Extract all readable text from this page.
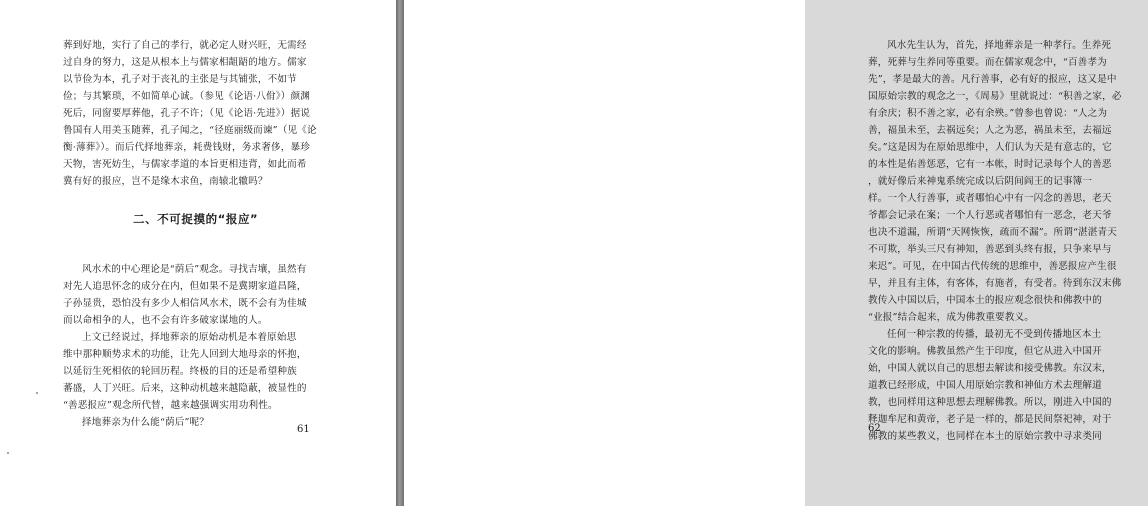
葬到好地，实行了自己的孝行，就必定人财兴旺，无需经
过自身的努力，这是从根本上与儒家相龃龉的地方。儒家
以节俭为本，孔子对于丧礼的主张是与其铺张，不如节
俭；与其繁琐，不如简单心诚。（参见《论语·八佾》）颜渊
死后，同窗要厚葬他，孔子不许；（见《论语·先进》）据说
鲁国有人用美玉随葬，孔子闻之，“径庭丽级而谏”（见《论
衡·薄葬》）。而后代择地葬亲，耗费钱财，务求奢侈，暴珍
天物，害死妨生，与儒家孝道的本旨更相违背，如此而希
冀有好的报应，岂不是缘木求鱼，南辕北辙吗？
二、不可捉摸的“报应”
风水术的中心理论是“荫后”观念。寻找吉壤，虽然有
对先人追思怀念的成分在内，但如果不是冀期家道昌隆，
子孙显贵，恐怕没有多少人相信风水术，既不会有为佳城
而以命相争的人，也不会有许多破家谋地的人。
上文已经说过，择地葬亲的原始动机是本着原始思
维中那种顺势求术的功能，让先人回到大地母亲的怀抱，
以延衍生死相依的轮回历程。终极的目的还是希望种族
蕃盛，人丁兴旺。后来，这种动机越来越隐蔽，被显性的
“善恶报应”观念所代替，越来越强调实用功利性。
择地葬亲为什么能“荫后”呢？
61
风水先生认为，首先，择地葬亲是一种孝行。生养死
葬，死葬与生养同等重要。而在儒家观念中，“百善孝为
先”，孝是最大的善。凡行善事，必有好的报应，这又是中
国原始宗教的观念之一，《周易》里就说过：“积善之家，必
有余庆；积不善之家，必有余殃。”曾参也曾说：“人之为
善，福虽未至，去祸远矣；人之为恶，祸虽未至，去福远
矣。”这是因为在原始思维中，人们认为天是有意志的，它
的本性是佑善惩恶，它有一本帐，时时记录每个人的善恶
，就好像后来神鬼系统完成以后阴间阎王的记事簿一
样。一个人行善事，或者哪怕心中有一闪念的善思，老天
爷都会记录在案；一个人行恶或者哪怕有一恶念，老天爷
也决不道漏，所谓“天网恢恢，疏而不漏”。所谓“湛湛青天
不可欺，举头三尺有神知，善恶到头终有报，只争来早与
来迟”。可见，在中国古代传统的思维中，善恶报应产生很
早，并且有主体，有客体，有施者，有受者。待到东汉末佛
教传入中国以后，中国本土的报应观念很快和佛教中的
“业报”结合起来，成为佛教重要教义。
任何一种宗教的传播，最初无不受到传播地区本土
文化的影响。佛教虽然产生于印度，但它从进入中国开
始，中国人就以自己的思想去解读和接受佛教。东汉末，
道教已经形成，中国人用原始宗教和神仙方术去理解道
教，也同样用这种思想去理解佛教。所以，刚进入中国的
释迦牟尼和黄帝，老子是一样的，都是民间祭祀神，对于
佛教的某些教义，也同样在本土的原始宗教中寻求类同
62
